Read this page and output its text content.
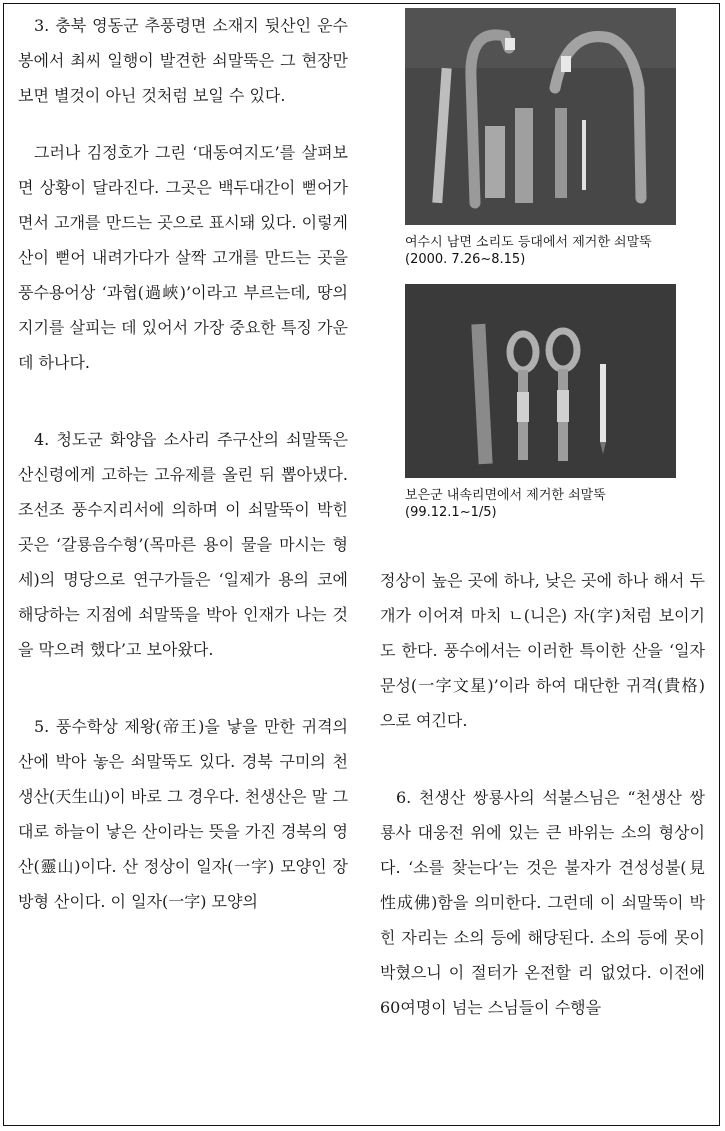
3. 충북 영동군 추풍령면 소재지 뒷산인 운수봉에서 최씨 일행이 발견한 쇠말뚝은 그 현장만 보면 별것이 아닌 것처럼 보일 수 있다.

그러나 김정호가 그린 ‘대동여지도’를 살펴보면 상황이 달라진다. 그곳은 백두대간이 뻗어가면서 고개를 만드는 곳으로 표시돼 있다. 이렇게 산이 뻗어 내려가다가 살짝 고개를 만드는 곳을 풍수용어상 ‘과협(過峽)’이라고 부르는데, 땅의 지기를 살피는 데 있어서 가장 중요한 특징 가운데 하나다.

4. 청도군 화양읍 소사리 주구산의 쇠말뚝은 산신령에게 고하는 고유제를 올린 뒤 뽑아냈다. 조선조 풍수지리서에 의하며 이 쇠말뚝이 박힌 곳은 ‘갈룡음수형’(목마른 용이 물을 마시는 형세)의 명당으로 연구가들은 ‘일제가 용의 코에 해당하는 지점에 쇠말뚝을 박아 인재가 나는 것을 막으려 했다’고 보아왔다.

5. 풍수학상 제왕(帝王)을 낳을 만한 귀격의 산에 박아 놓은 쇠말뚝도 있다. 경북 구미의 천생산(天生山)이 바로 그 경우다. 천생산은 말 그대로 하늘이 낳은 산이라는 뜻을 가진 경북의 영산(靈山)이다. 산 정상이 일자(一字) 모양인 장방형 산이다. 이 일자(一字) 모양의

여수시 남면 소리도 등대에서 제거한 쇠말뚝
(2000. 7.26~8.15)
보은군 내속리면에서 제거한 쇠말뚝
(99.12.1~1/5)

정상이 높은 곳에 하나, 낮은 곳에 하나 해서 두 개가 이어져 마치 ㄴ(니은) 자(字)처럼 보이기도 한다. 풍수에서는 이러한 특이한 산을 ‘일자문성(一字文星)’이라 하여 대단한 귀격(貴格)으로 여긴다.

6. 천생산 쌍룡사의 석불스님은 “천생산 쌍룡사 대웅전 위에 있는 큰 바위는 소의 형상이다. ‘소를 찾는다’는 것은 불자가 견성성불(見性成佛)함을 의미한다. 그런데 이 쇠말뚝이 박힌 자리는 소의 등에 해당된다. 소의 등에 못이 박혔으니 이 절터가 온전할 리 없었다. 이전에 60여명이 넘는 스님들이 수행을
